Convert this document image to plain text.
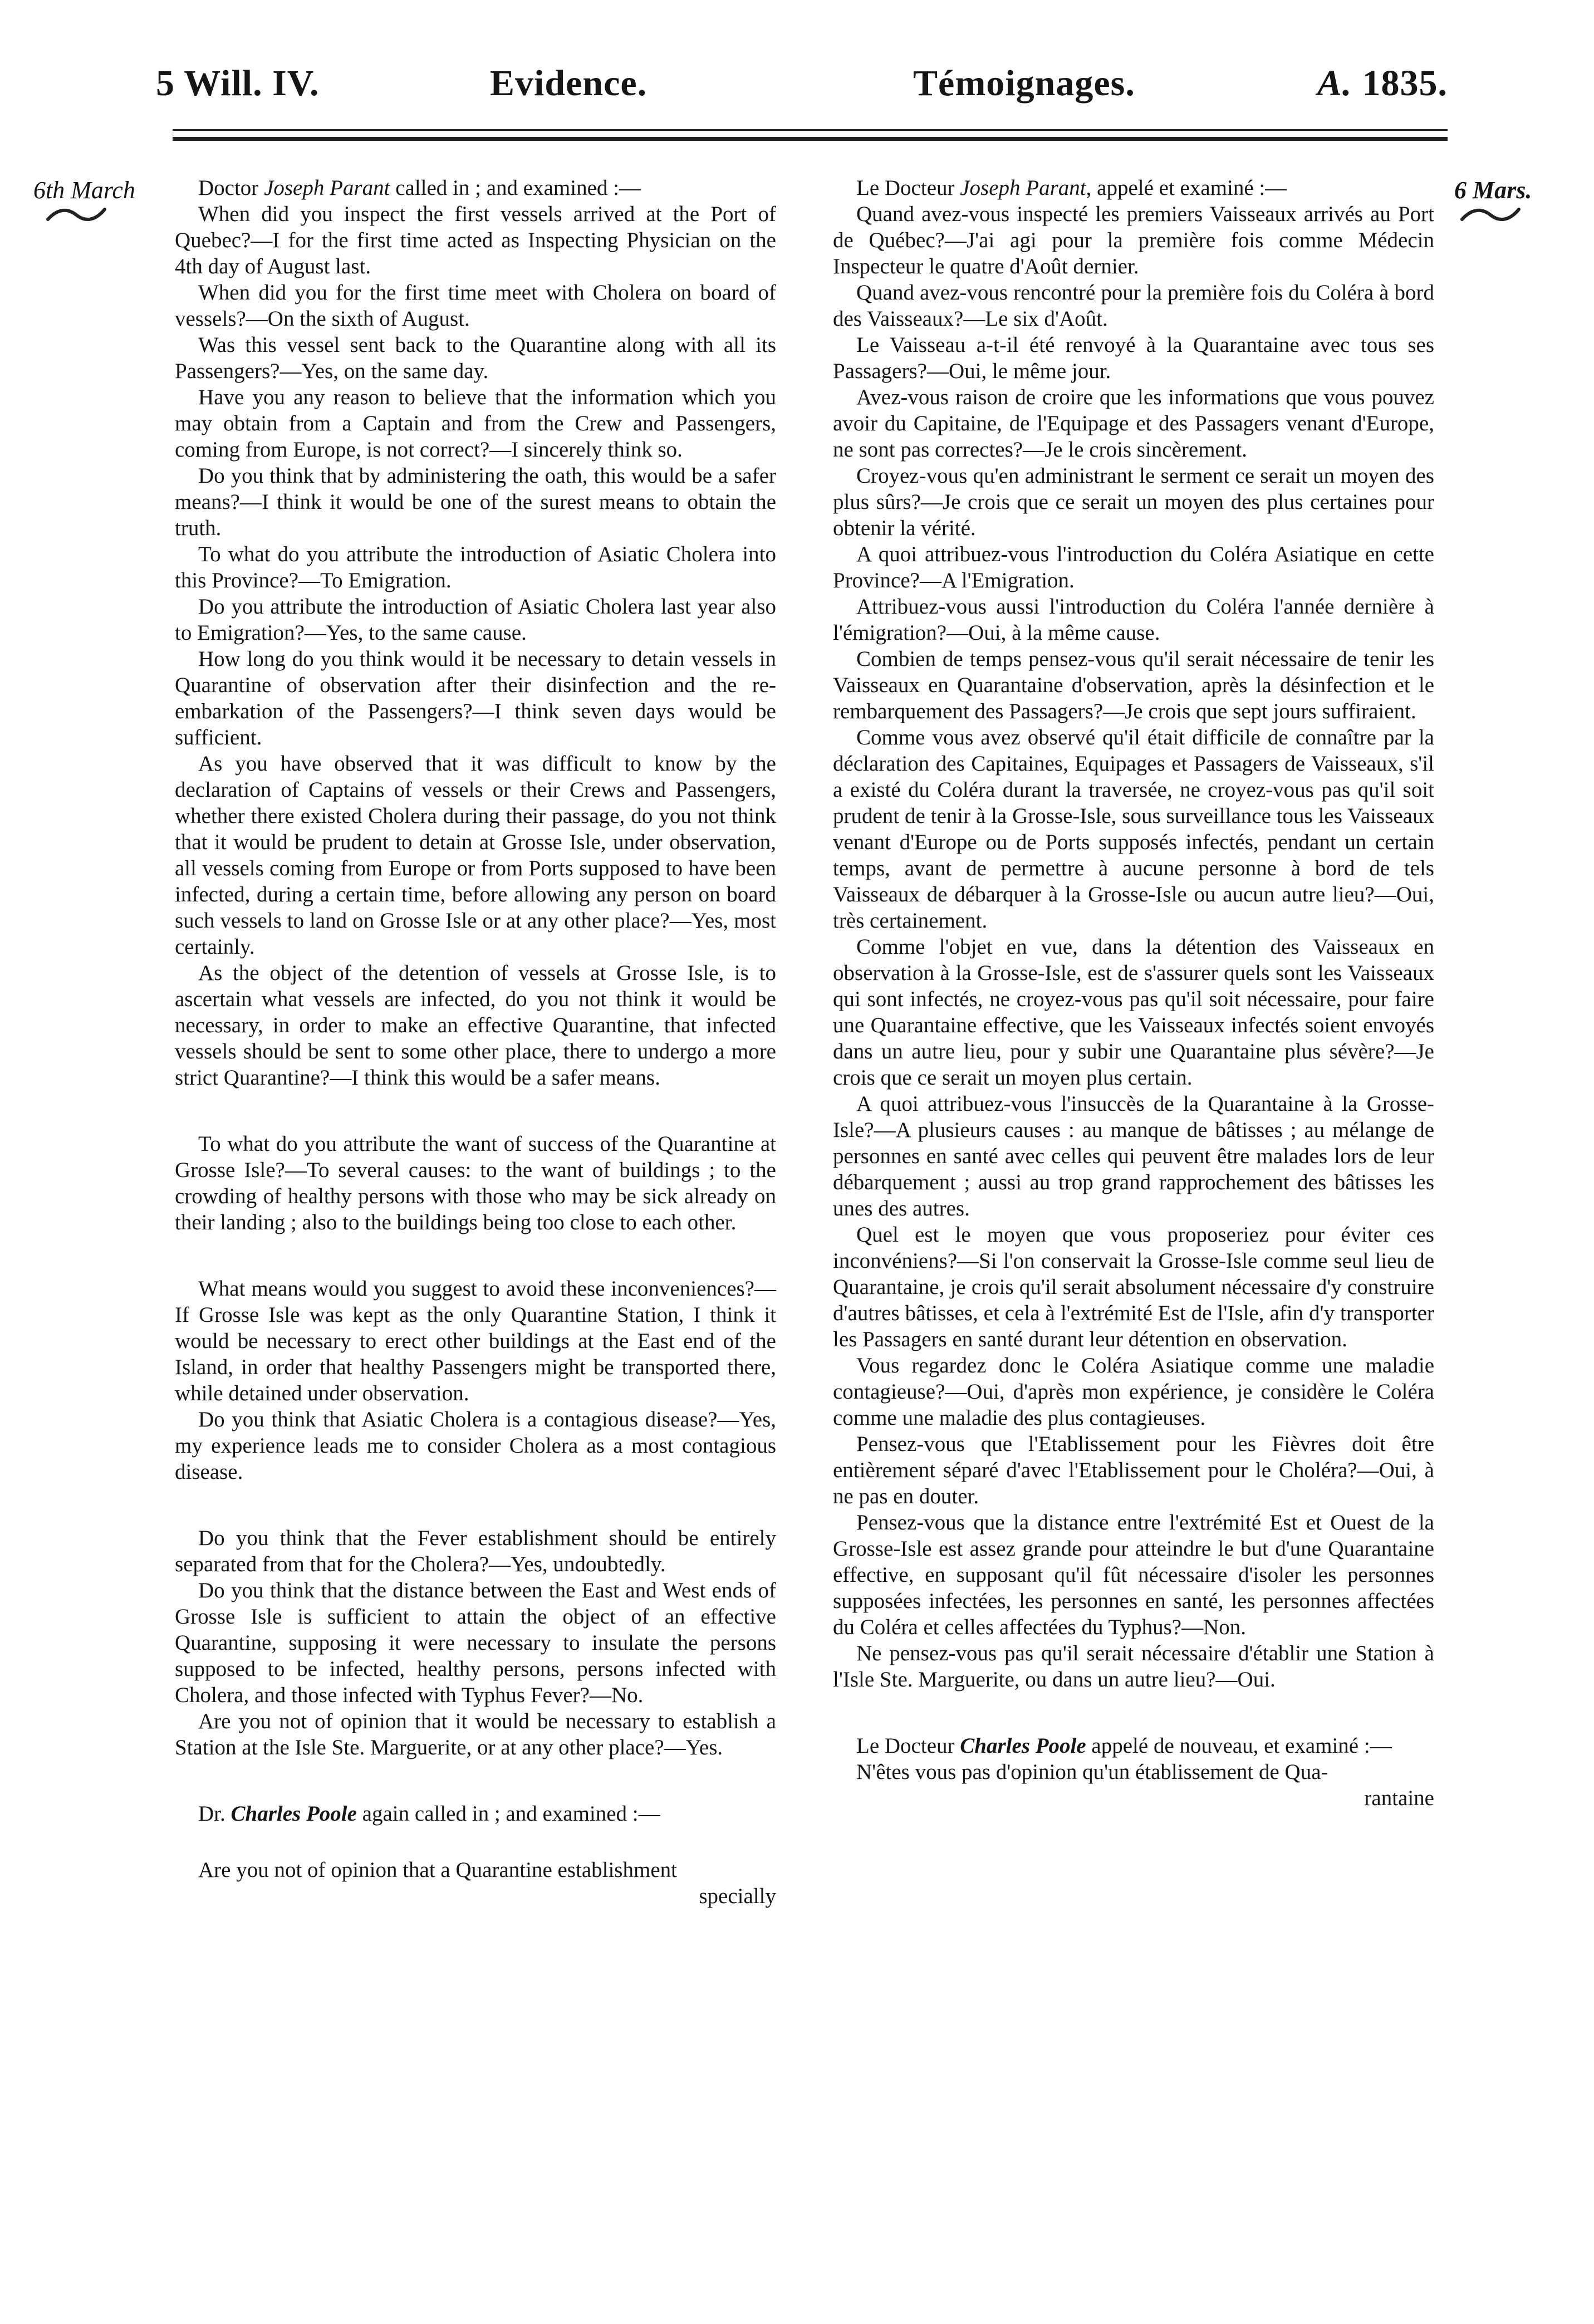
5 Will. IV.	Evidence.	Témoignages.	A. 1835.
6th March	6 Mars.

Doctor Joseph Parant called in ; and examined :—

When did you inspect the first vessels arrived at the Port of Quebec?—I for the first time acted as Inspecting Physician on the 4th day of August last.

When did you for the first time meet with Cholera on board of vessels?—On the sixth of August.

Was this vessel sent back to the Quarantine along with all its Passengers?—Yes, on the same day.

Have you any reason to believe that the information which you may obtain from a Captain and from the Crew and Passengers, coming from Europe, is not correct?—I sincerely think so.

Do you think that by administering the oath, this would be a safer means?—I think it would be one of the surest means to obtain the truth.

To what do you attribute the introduction of Asiatic Cholera into this Province?—To Emigration.

Do you attribute the introduction of Asiatic Cholera last year also to Emigration?—Yes, to the same cause.

How long do you think would it be necessary to detain vessels in Quarantine of observation after their disinfection and the re-embarkation of the Passengers?—I think seven days would be sufficient.

As you have observed that it was difficult to know by the declaration of Captains of vessels or their Crews and Passengers, whether there existed Cholera during their passage, do you not think that it would be prudent to detain at Grosse Isle, under observation, all vessels coming from Europe or from Ports supposed to have been infected, during a certain time, before allowing any person on board such vessels to land on Grosse Isle or at any other place?—Yes, most certainly.

As the object of the detention of vessels at Grosse Isle, is to ascertain what vessels are infected, do you not think it would be necessary, in order to make an effective Quarantine, that infected vessels should be sent to some other place, there to undergo a more strict Quarantine?—I think this would be a safer means.

To what do you attribute the want of success of the Quarantine at Grosse Isle?—To several causes: to the want of buildings ; to the crowding of healthy persons with those who may be sick already on their landing ; also to the buildings being too close to each other.

What means would you suggest to avoid these inconveniences?—If Grosse Isle was kept as the only Quarantine Station, I think it would be necessary to erect other buildings at the East end of the Island, in order that healthy Passengers might be transported there, while detained under observation.

Do you think that Asiatic Cholera is a contagious disease?—Yes, my experience leads me to consider Cholera as a most contagious disease.

Do you think that the Fever establishment should be entirely separated from that for the Cholera?—Yes, undoubtedly.

Do you think that the distance between the East and West ends of Grosse Isle is sufficient to attain the object of an effective Quarantine, supposing it were necessary to insulate the persons supposed to be infected, healthy persons, persons infected with Cholera, and those infected with Typhus Fever?—No.

Are you not of opinion that it would be necessary to establish a Station at the Isle Ste. Marguerite, or at any other place?—Yes.

Dr. Charles Poole again called in ; and examined :—

Are you not of opinion that a Quarantine establishment

specially

Le Docteur Joseph Parant, appelé et examiné :—

Quand avez-vous inspecté les premiers Vaisseaux arrivés au Port de Québec?—J'ai agi pour la première fois comme Médecin Inspecteur le quatre d'Août dernier.

Quand avez-vous rencontré pour la première fois du Coléra à bord des Vaisseaux?—Le six d'Août.

Le Vaisseau a-t-il été renvoyé à la Quarantaine avec tous ses Passagers?—Oui, le même jour.

Avez-vous raison de croire que les informations que vous pouvez avoir du Capitaine, de l'Equipage et des Passagers venant d'Europe, ne sont pas correctes?—Je le crois sincèrement.

Croyez-vous qu'en administrant le serment ce serait un moyen des plus sûrs?—Je crois que ce serait un moyen des plus certaines pour obtenir la vérité.

A quoi attribuez-vous l'introduction du Coléra Asiatique en cette Province?—A l'Emigration.

Attribuez-vous aussi l'introduction du Coléra l'année dernière à l'émigration?—Oui, à la même cause.

Combien de temps pensez-vous qu'il serait nécessaire de tenir les Vaisseaux en Quarantaine d'observation, après la désinfection et le rembarquement des Passagers?—Je crois que sept jours suffiraient.

Comme vous avez observé qu'il était difficile de connaître par la déclaration des Capitaines, Equipages et Passagers de Vaisseaux, s'il a existé du Coléra durant la traversée, ne croyez-vous pas qu'il soit prudent de tenir à la Grosse-Isle, sous surveillance tous les Vaisseaux venant d'Europe ou de Ports supposés infectés, pendant un certain temps, avant de permettre à aucune personne à bord de tels Vaisseaux de débarquer à la Grosse-Isle ou aucun autre lieu?—Oui, très certainement.

Comme l'objet en vue, dans la détention des Vaisseaux en observation à la Grosse-Isle, est de s'assurer quels sont les Vaisseaux qui sont infectés, ne croyez-vous pas qu'il soit nécessaire, pour faire une Quarantaine effective, que les Vaisseaux infectés soient envoyés dans un autre lieu, pour y subir une Quarantaine plus sévère?—Je crois que ce serait un moyen plus certain.

A quoi attribuez-vous l'insuccès de la Quarantaine à la Grosse-Isle?—A plusieurs causes : au manque de bâtisses ; au mélange de personnes en santé avec celles qui peuvent être malades lors de leur débarquement ; aussi au trop grand rapprochement des bâtisses les unes des autres.

Quel est le moyen que vous proposeriez pour éviter ces inconvéniens?—Si l'on conservait la Grosse-Isle comme seul lieu de Quarantaine, je crois qu'il serait absolument nécessaire d'y construire d'autres bâtisses, et cela à l'extrémité Est de l'Isle, afin d'y transporter les Passagers en santé durant leur détention en observation.

Vous regardez donc le Coléra Asiatique comme une maladie contagieuse?—Oui, d'après mon expérience, je considère le Coléra comme une maladie des plus contagieuses.

Pensez-vous que l'Etablissement pour les Fièvres doit être entièrement séparé d'avec l'Etablissement pour le Choléra?—Oui, à ne pas en douter.

Pensez-vous que la distance entre l'extrémité Est et Ouest de la Grosse-Isle est assez grande pour atteindre le but d'une Quarantaine effective, en supposant qu'il fût nécessaire d'isoler les personnes supposées infectées, les personnes en santé, les personnes affectées du Coléra et celles affectées du Typhus?—Non.

Ne pensez-vous pas qu'il serait nécessaire d'établir une Station à l'Isle Ste. Marguerite, ou dans un autre lieu?—Oui.

Le Docteur Charles Poole appelé de nouveau, et examiné :—

N'êtes vous pas d'opinion qu'un établissement de Qua-

rantaine
